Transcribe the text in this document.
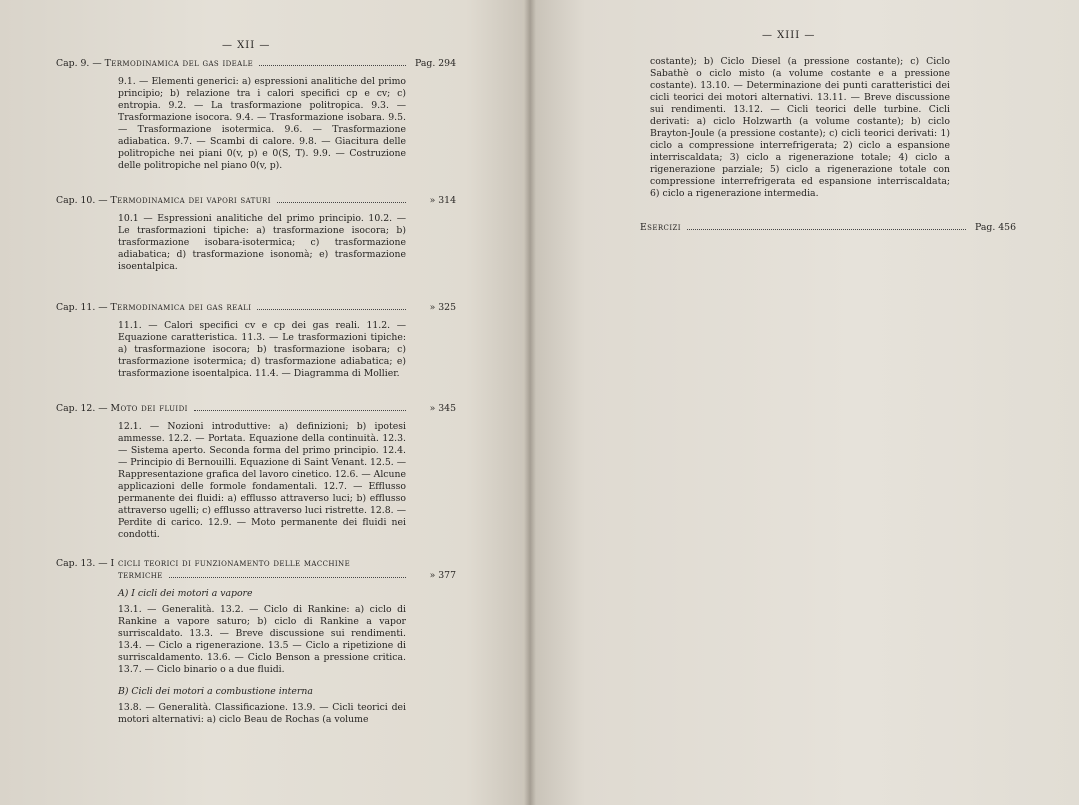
— XII —
Cap. 9. —
Termodinamica del gas ideale	Pag. 294
9.1. — Elementi generici: a) espressioni analitiche del primo principio; b) relazione tra i calori specifici cp e cv; c) entropia. 9.2. — La trasformazione politropica. 9.3. — Trasformazione isocora. 9.4. — Trasformazione isobara. 9.5. — Trasformazione isotermica. 9.6. — Trasformazione adiabatica. 9.7. — Scambi di calore. 9.8. — Giacitura delle politropiche nei piani 0(v, p) e 0(S, T). 9.9. — Costruzione delle politropiche nel piano 0(v, p).
Cap. 10. —
Termodinamica dei vapori saturi	» 314
10.1 — Espressioni analitiche del primo principio. 10.2. — Le trasformazioni tipiche: a) trasformazione isocora; b) trasformazione isobara-isotermica; c) trasformazione adiabatica; d) trasformazione isonomà; e) trasformazione isoentalpica.
Cap. 11. —
Termodinamica dei gas reali	» 325
11.1. — Calori specifici cv e cp dei gas reali. 11.2. — Equazione caratteristica. 11.3. — Le trasformazioni tipiche: a) trasformazione isocora; b) trasformazione isobara; c) trasformazione isotermica; d) trasformazione adiabatica; e) trasformazione isoentalpica. 11.4. — Diagramma di Mollier.
Cap. 12. —
Moto dei fluidi	» 345
12.1. — Nozioni introduttive: a) definizioni; b) ipotesi ammesse. 12.2. — Portata. Equazione della continuità. 12.3. — Sistema aperto. Seconda forma del primo principio. 12.4. — Principio di Bernouilli. Equazione di Saint Venant. 12.5. — Rappresentazione grafica del lavoro cinetico. 12.6. — Alcune applicazioni delle formole fondamentali. 12.7. — Efflusso permanente dei fluidi: a) efflusso attraverso luci; b) efflusso attraverso ugelli; c) efflusso attraverso luci ristrette. 12.8. — Perdite di carico. 12.9. — Moto permanente dei fluidi nei condotti.
Cap. 13. —
I cicli teorici di funzionamento delle macchine
termiche	» 377
A) I cicli dei motori a vapore
13.1. — Generalità. 13.2. — Ciclo di Rankine: a) ciclo di Rankine a vapore saturo; b) ciclo di Rankine a vapor surriscaldato. 13.3. — Breve discussione sui rendimenti. 13.4. — Ciclo a rigenerazione. 13.5 — Ciclo a ripetizione di surriscaldamento. 13.6. — Ciclo Benson a pressione critica. 13.7. — Ciclo binario o a due fluidi.
B) Cicli dei motori a combustione interna
13.8. — Generalità. Classificazione. 13.9. — Cicli teorici dei motori alternativi: a) ciclo Beau de Rochas (a volume
— XIII —
costante); b) Ciclo Diesel (a pressione costante); c) Ciclo Sabathè o ciclo misto (a volume costante e a pressione costante). 13.10. — Determinazione dei punti caratteristici dei cicli teorici dei motori alternativi. 13.11. — Breve discussione sui rendimenti. 13.12. — Cicli teorici delle turbine. Cicli derivati: a) ciclo Holzwarth (a volume costante); b) ciclo Brayton-Joule (a pressione costante); c) cicli teorici derivati: 1) ciclo a compressione interrefrigerata; 2) ciclo a espansione interriscaldata; 3) ciclo a rigenerazione totale; 4) ciclo a rigenerazione parziale; 5) ciclo a rigenerazione totale con compressione interrefrigerata ed espansione interriscaldata; 6) ciclo a rigenerazione intermedia.
Esercizi	Pag. 456
